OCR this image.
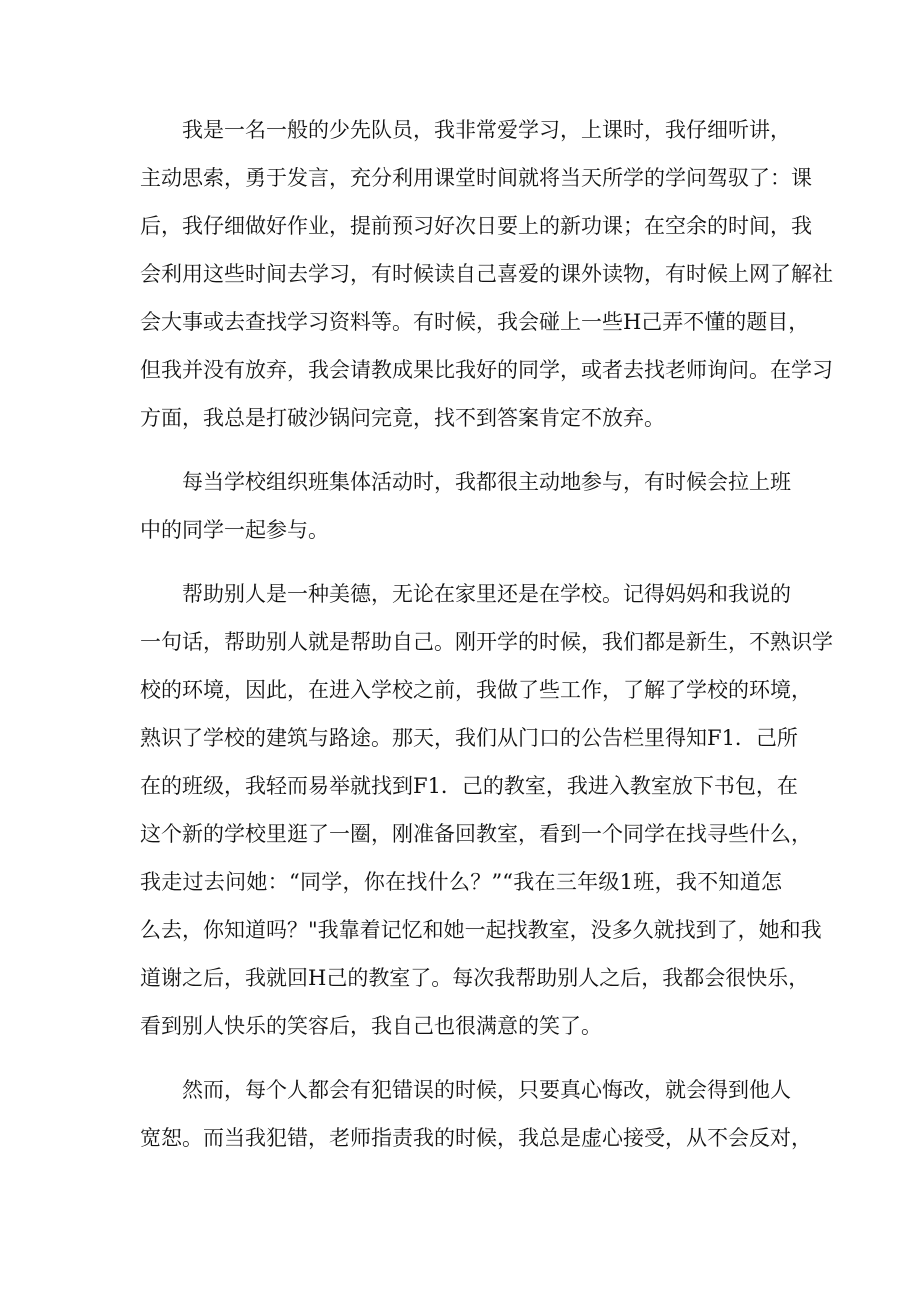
　　我是一名一般的少先队员，我非常爱学习，上课时，我仔细听讲，
主动思索，勇于发言，充分利用课堂时间就将当天所学的学问驾驭了：课
后，我仔细做好作业，提前预习好次日要上的新功课；在空余的时间，我
会利用这些时间去学习，有时候读自己喜爱的课外读物，有时候上网了解社
会大事或去查找学习资料等。有时候，我会碰上一些H己弄不懂的题目，
但我并没有放弃，我会请教成果比我好的同学，或者去找老师询问。在学习
方面，我总是打破沙锅问完竟，找不到答案肯定不放弃。
　　每当学校组织班集体活动时，我都很主动地参与，有时候会拉上班
中的同学一起参与。
　　帮助别人是一种美德，无论在家里还是在学校。记得妈妈和我说的
一句话，帮助别人就是帮助自己。刚开学的时候，我们都是新生，不熟识学
校的环境，因此，在进入学校之前，我做了些工作，了解了学校的环境，
熟识了学校的建筑与路途。那天，我们从门口的公告栏里得知F1．己所
在的班级，我轻而易举就找到F1．己的教室，我进入教室放下书包，在
这个新的学校里逛了一圈，刚准备回教室，看到一个同学在找寻些什么，
我走过去问她：“同学，你在找什么？”“我在三年级1班，我不知道怎
么去，你知道吗？"我靠着记忆和她一起找教室，没多久就找到了，她和我
道谢之后，我就回H己的教室了。每次我帮助别人之后，我都会很快乐，
看到别人快乐的笑容后，我自己也很满意的笑了。
　　然而，每个人都会有犯错误的时候，只要真心悔改，就会得到他人
宽恕。而当我犯错，老师指责我的时候，我总是虚心接受，从不会反对，
